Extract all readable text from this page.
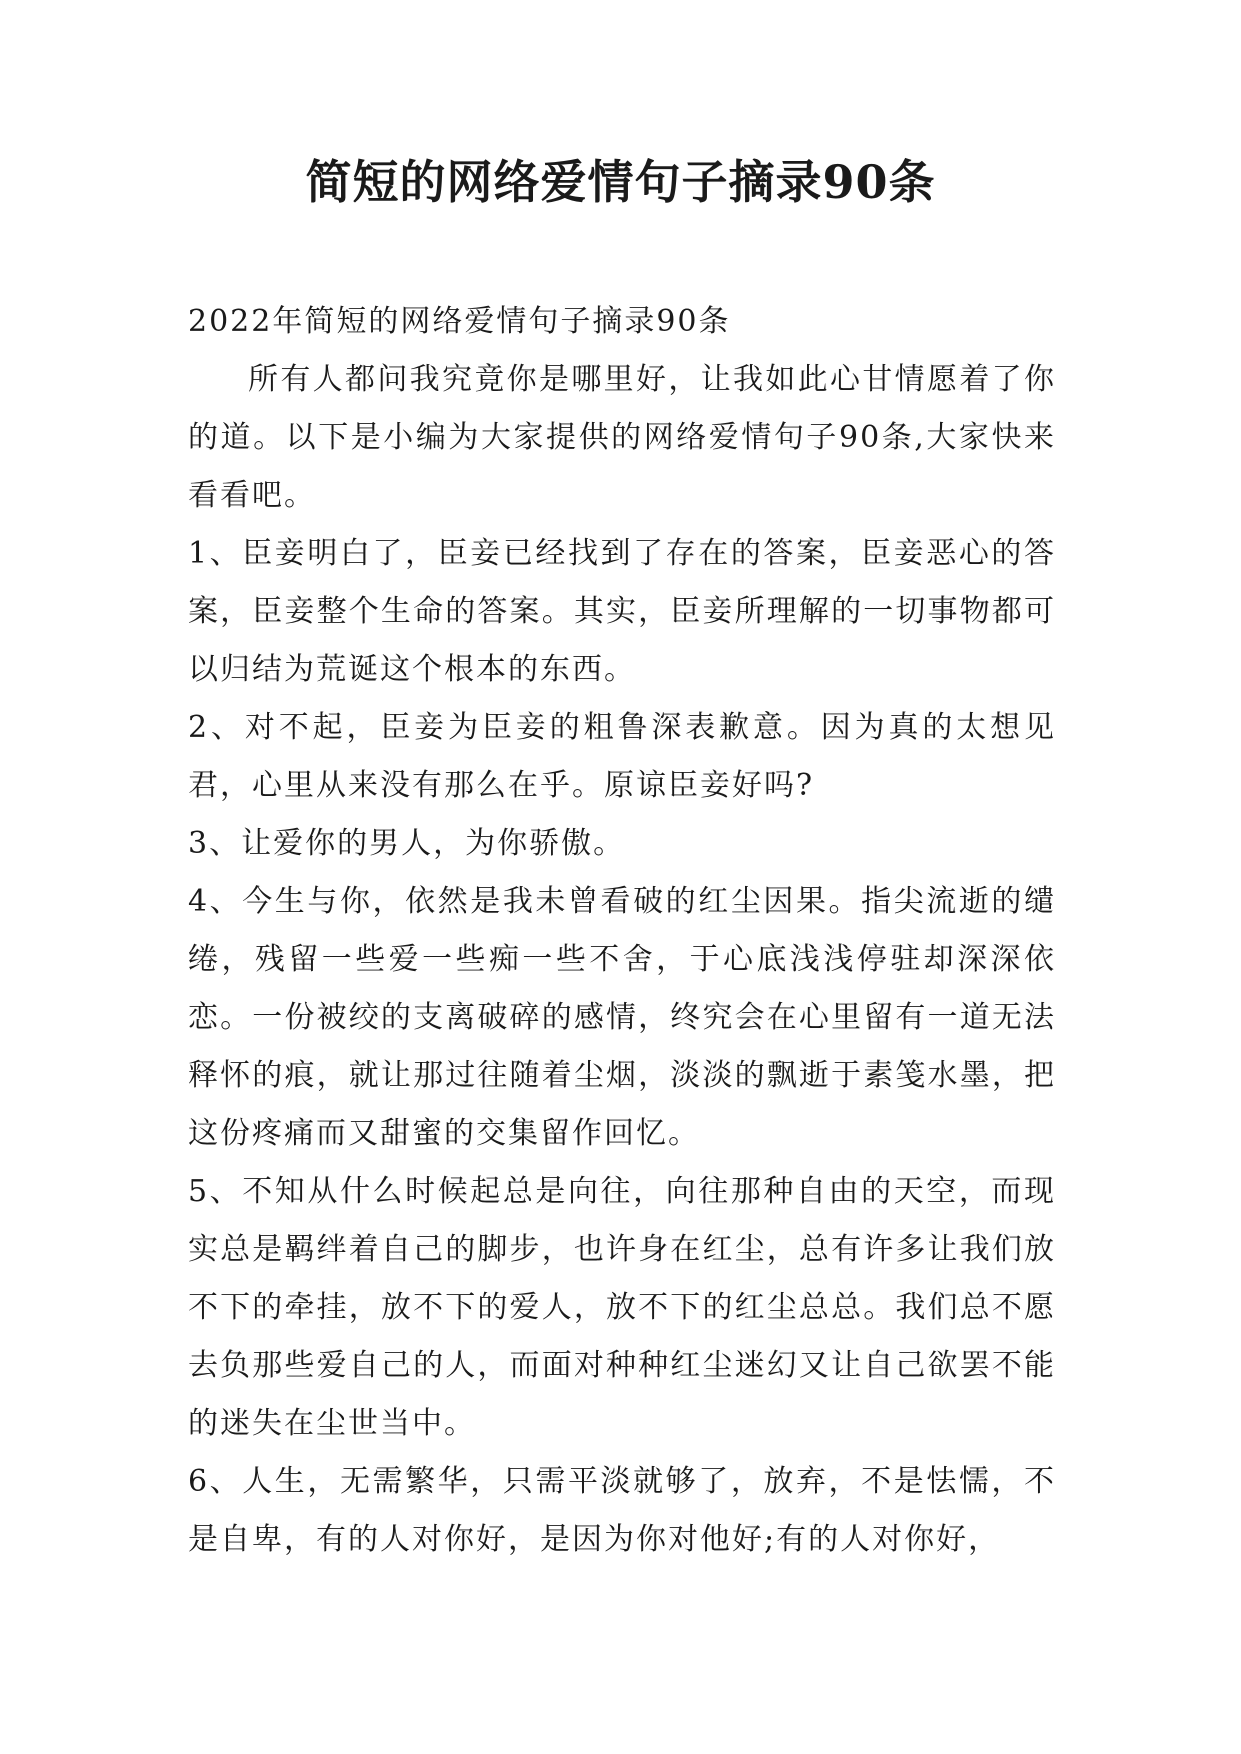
简短的网络爱情句子摘录90条

2022年简短的网络爱情句子摘录90条

所有人都问我究竟你是哪里好，让我如此心甘情愿着了你的道。以下是小编为大家提供的网络爱情句子90条,大家快来看看吧。

1、臣妾明白了，臣妾已经找到了存在的答案，臣妾恶心的答案，臣妾整个生命的答案。其实，臣妾所理解的一切事物都可以归结为荒诞这个根本的东西。

2、对不起，臣妾为臣妾的粗鲁深表歉意。因为真的太想见君，心里从来没有那么在乎。原谅臣妾好吗?

3、让爱你的男人，为你骄傲。

4、今生与你，依然是我未曾看破的红尘因果。指尖流逝的缱绻，残留一些爱一些痴一些不舍，于心底浅浅停驻却深深依恋。一份被绞的支离破碎的感情，终究会在心里留有一道无法释怀的痕，就让那过往随着尘烟，淡淡的飘逝于素笺水墨，把这份疼痛而又甜蜜的交集留作回忆。

5、不知从什么时候起总是向往，向往那种自由的天空，而现实总是羁绊着自己的脚步，也许身在红尘，总有许多让我们放不下的牵挂，放不下的爱人，放不下的红尘总总。我们总不愿去负那些爱自己的人，而面对种种红尘迷幻又让自己欲罢不能的迷失在尘世当中。

6、人生，无需繁华，只需平淡就够了，放弃，不是怯懦，不是自卑，有的人对你好，是因为你对他好;有的人对你好，
